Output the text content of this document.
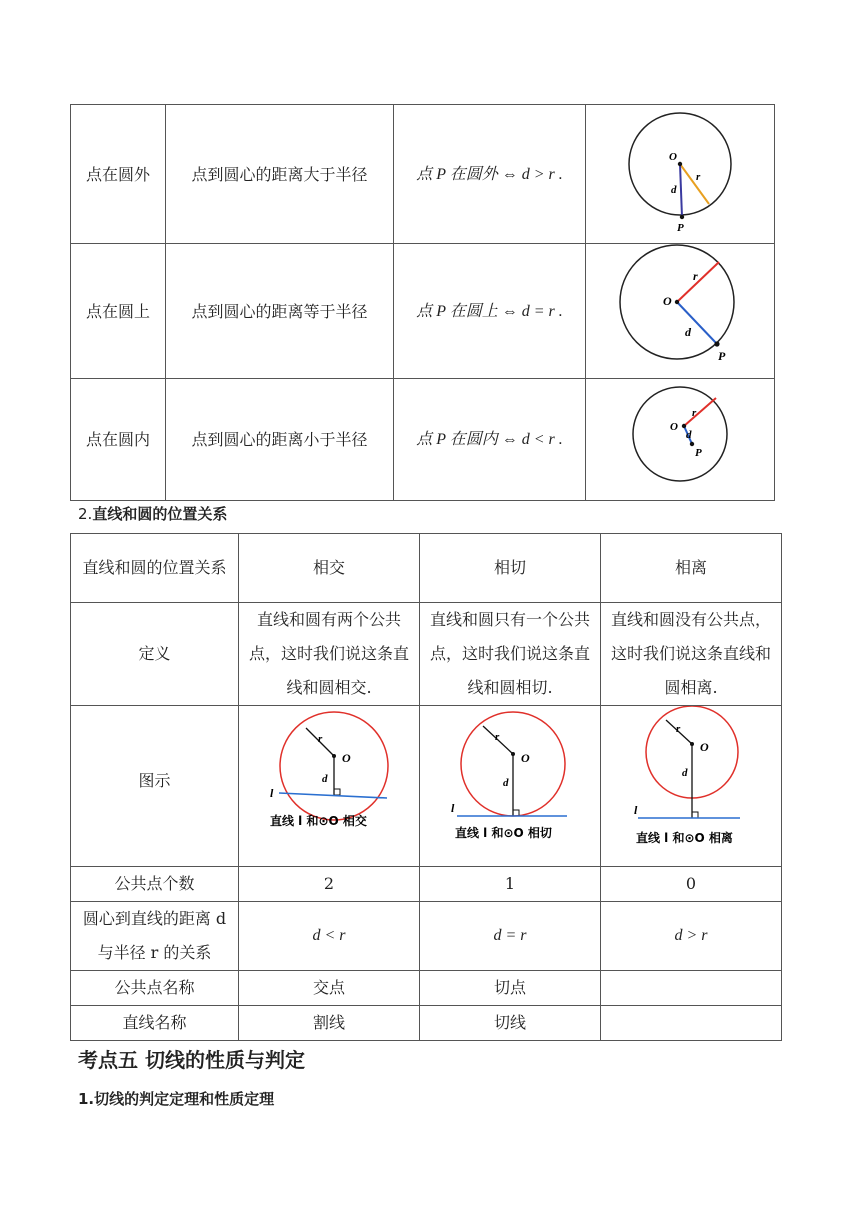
点在圆外	点到圆心的距离大于半径	点 P 在圆外 ⇔ d > r .	O
r
d
P

点在圆上	点到圆心的距离等于半径	点 P 在圆上 ⇔ d = r .	O
r
d
P

点在圆内	点到圆心的距离小于半径	点 P 在圆内 ⇔ d < r .	O
r
d
P
2.直线和圆的位置关系
直线和圆的位置关系	相交	相切	相离
定义	直线和圆有两个公共点，这时我们说这条直线和圆相交.	直线和圆只有一个公共点，这时我们说这条直线和圆相切.	直线和圆没有公共点，这时我们说这条直线和圆相离.
图示	O
r
d
l
直线 l 和⊙O 相交	O
r
d
l
直线 l 和⊙O 相切	O
r
d
l
直线 l 和⊙O 相离

公共点个数	2	1	0
圆心到直线的距离 d 与半径 r 的关系	d < r	d = r	d > r
公共点名称	交点	切点	
直线名称	割线	切线	
考点五 切线的性质与判定
1.切线的判定定理和性质定理
